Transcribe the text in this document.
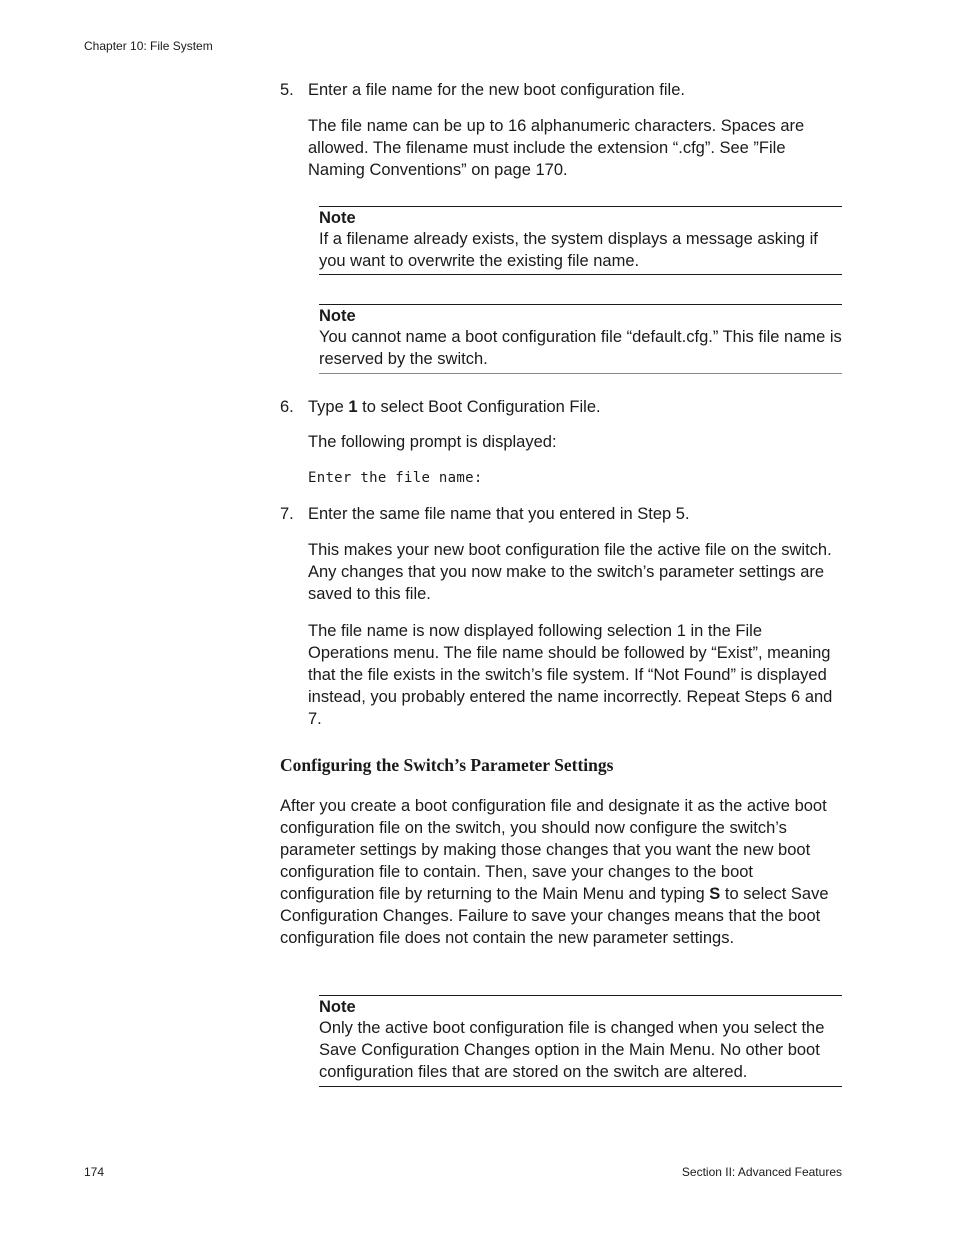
Chapter 10: File System
5. Enter a file name for the new boot configuration file.
The file name can be up to 16 alphanumeric characters. Spaces are allowed. The filename must include the extension “.cfg”. See ”File Naming Conventions” on page 170.
Note
If a filename already exists, the system displays a message asking if you want to overwrite the existing file name.
Note
You cannot name a boot configuration file “default.cfg.” This file name is reserved by the switch.
6. Type 1 to select Boot Configuration File.
The following prompt is displayed:
Enter the file name:
7. Enter the same file name that you entered in Step 5.
This makes your new boot configuration file the active file on the switch. Any changes that you now make to the switch’s parameter settings are saved to this file.
The file name is now displayed following selection 1 in the File Operations menu. The file name should be followed by “Exist”, meaning that the file exists in the switch’s file system. If “Not Found” is displayed instead, you probably entered the name incorrectly. Repeat Steps 6 and 7.
Configuring the Switch’s Parameter Settings
After you create a boot configuration file and designate it as the active boot configuration file on the switch, you should now configure the switch’s parameter settings by making those changes that you want the new boot configuration file to contain. Then, save your changes to the boot configuration file by returning to the Main Menu and typing S to select Save Configuration Changes. Failure to save your changes means that the boot configuration file does not contain the new parameter settings.
Note
Only the active boot configuration file is changed when you select the Save Configuration Changes option in the Main Menu. No other boot configuration files that are stored on the switch are altered.
174	Section II: Advanced Features
